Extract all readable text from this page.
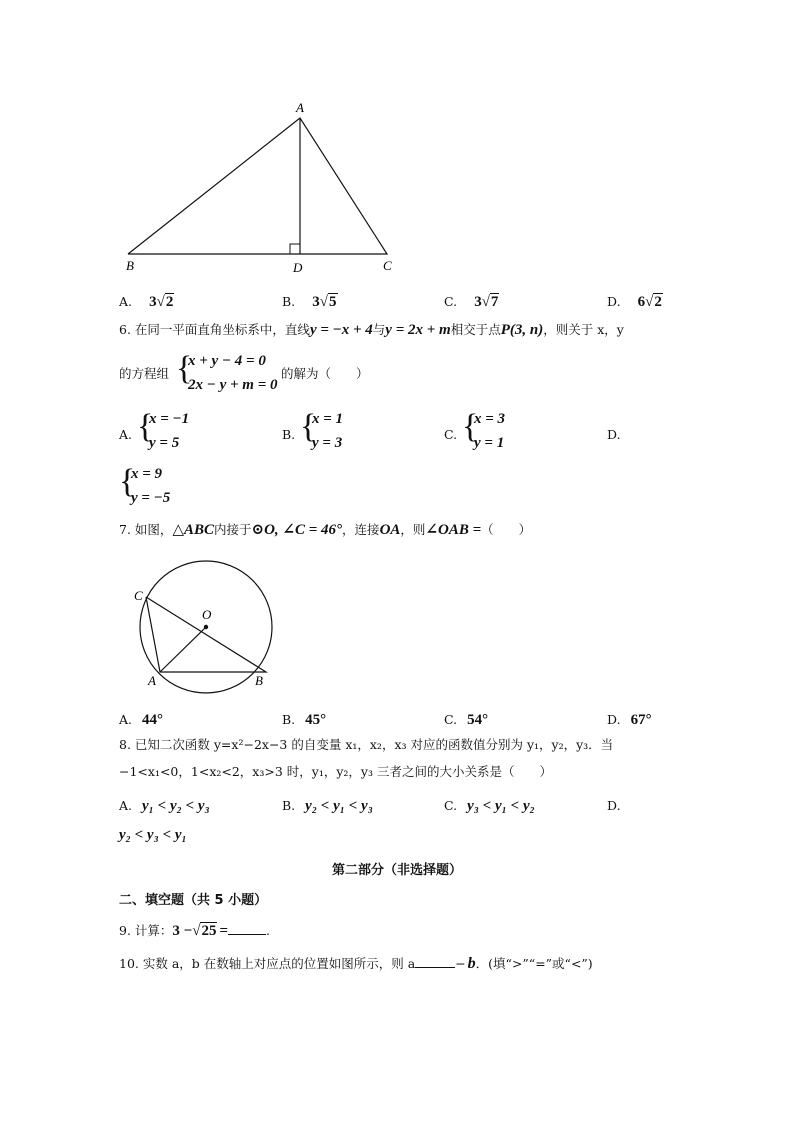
A
B	D	C
A. 3√2	B. 3√5	C. 3√7	D. 6√2
6. 在同一平面直角坐标系中，直线y = −x + 4与y = 2x + m相交于点P(3, n)，则关于 x，y
的方程组 {
x + y − 4 = 0
2x − y + m = 0
的解为（　　）
A. {
x = −1
y = 5
B. {
x = 1
y = 3
C. {
x = 3
y = 1
D.
{
x = 9
y = −5
7. 如图，△ABC内接于⊙O, ∠C = 46°，连接OA，则∠OAB =（　　）
C
O
A	B
A. 44°	B. 45°	C. 54°	D. 67°
8. 已知二次函数 y=x²−2x−3 的自变量 x₁，x₂，x₃ 对应的函数值分别为 y₁，y₂，y₃．当
−1<x₁<0，1<x₂<2，x₃>3 时，y₁，y₂，y₃ 三者之间的大小关系是（　　）
A. y₁ < y₂ < y₃	B. y₂ < y₁ < y₃	C. y₃ < y₁ < y₂	D.
y₂ < y₃ < y₁
第二部分（非选择题）
二、填空题（共 5 小题）
9. 计算：3 −√25 =	.
10. 实数 a，b 在数轴上对应点的位置如图所示，则 a	− b．(填“>”“=”或“<”)
